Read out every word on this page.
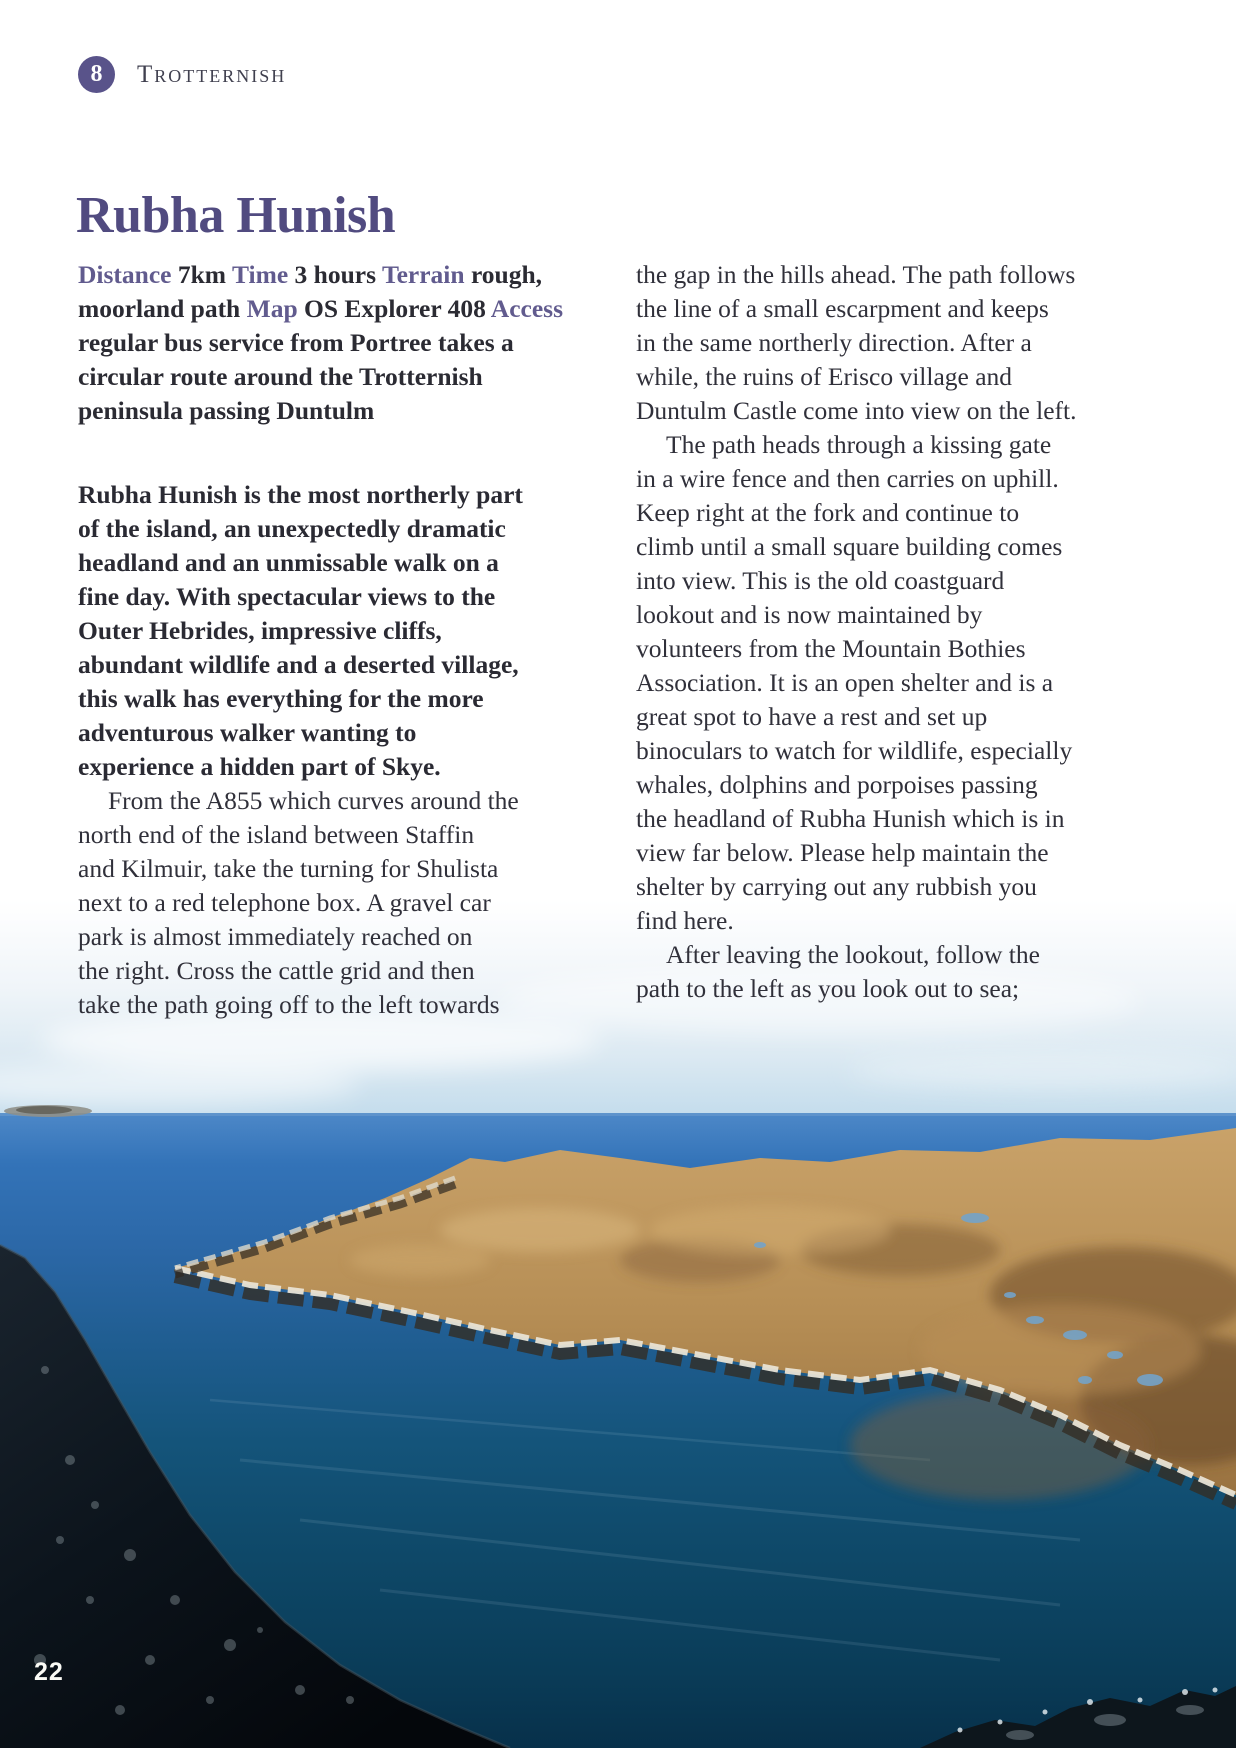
22
8	Trotternish
Rubha Hunish

Distance 7km Time 3 hours Terrain rough, moorland path Map OS Explorer 408 Access regular bus service from Portree takes a circular route around the Trotternish peninsula passing Duntulm

Rubha Hunish is the most northerly part
of the island, an unexpectedly dramatic
headland and an unmissable walk on a
fine day. With spectacular views to the
Outer Hebrides, impressive cliffs,
abundant wildlife and a deserted village,
this walk has everything for the more
adventurous walker wanting to
experience a hidden part of Skye.
From the A855 which curves around the
north end of the island between Staffin
and Kilmuir, take the turning for Shulista
next to a red telephone box. A gravel car
park is almost immediately reached on
the right. Cross the cattle grid and then
take the path going off to the left towards
the gap in the hills ahead. The path follows
the line of a small escarpment and keeps
in the same northerly direction. After a
while, the ruins of Erisco village and
Duntulm Castle come into view on the left.
The path heads through a kissing gate
in a wire fence and then carries on uphill.
Keep right at the fork and continue to
climb until a small square building comes
into view. This is the old coastguard
lookout and is now maintained by
volunteers from the Mountain Bothies
Association. It is an open shelter and is a
great spot to have a rest and set up
binoculars to watch for wildlife, especially
whales, dolphins and porpoises passing
the headland of Rubha Hunish which is in
view far below. Please help maintain the
shelter by carrying out any rubbish you
find here.
After leaving the lookout, follow the
path to the left as you look out to sea;
